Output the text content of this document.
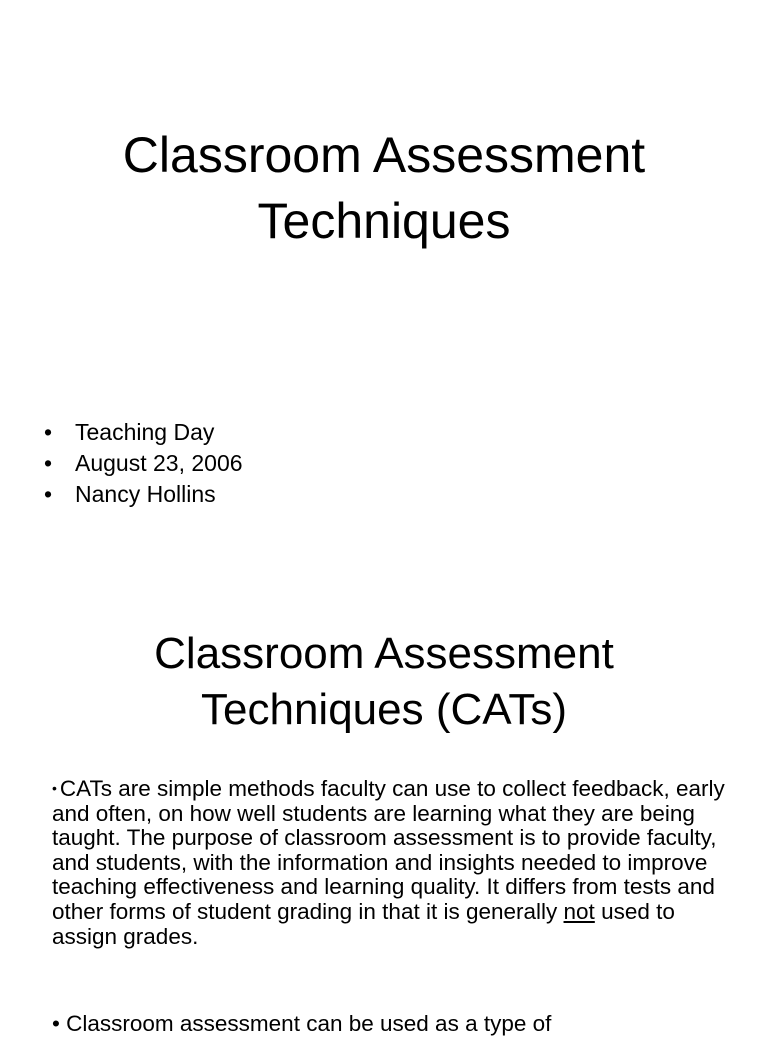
Classroom Assessment
Techniques
• Teaching Day
• August 23, 2006
• Nancy Hollins
Classroom Assessment
Techniques (CATs)

• CATs are simple methods faculty can use to collect feedback, early and often, on how well students are learning what they are being taught. The purpose of classroom assessment is to provide faculty, and students, with the information and insights needed to improve teaching effectiveness and learning quality. It differs from tests and other forms of student grading in that it is generally not used to assign grades.

• Classroom assessment can be used as a type of
